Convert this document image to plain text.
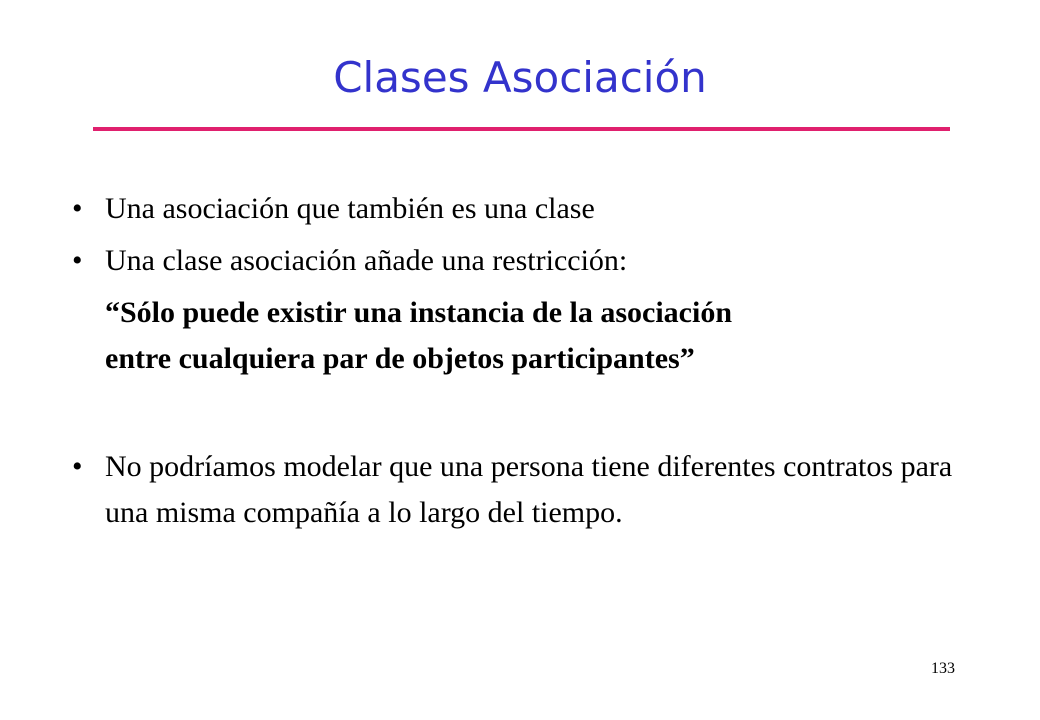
Clases Asociación
• Una asociación que también es una clase
• Una clase asociación añade una restricción:
“Sólo puede existir una instancia de la asociación
entre cualquiera par de objetos participantes”
• No podríamos modelar que una persona tiene diferentes contratos para una misma compañía a lo largo del tiempo.
133
